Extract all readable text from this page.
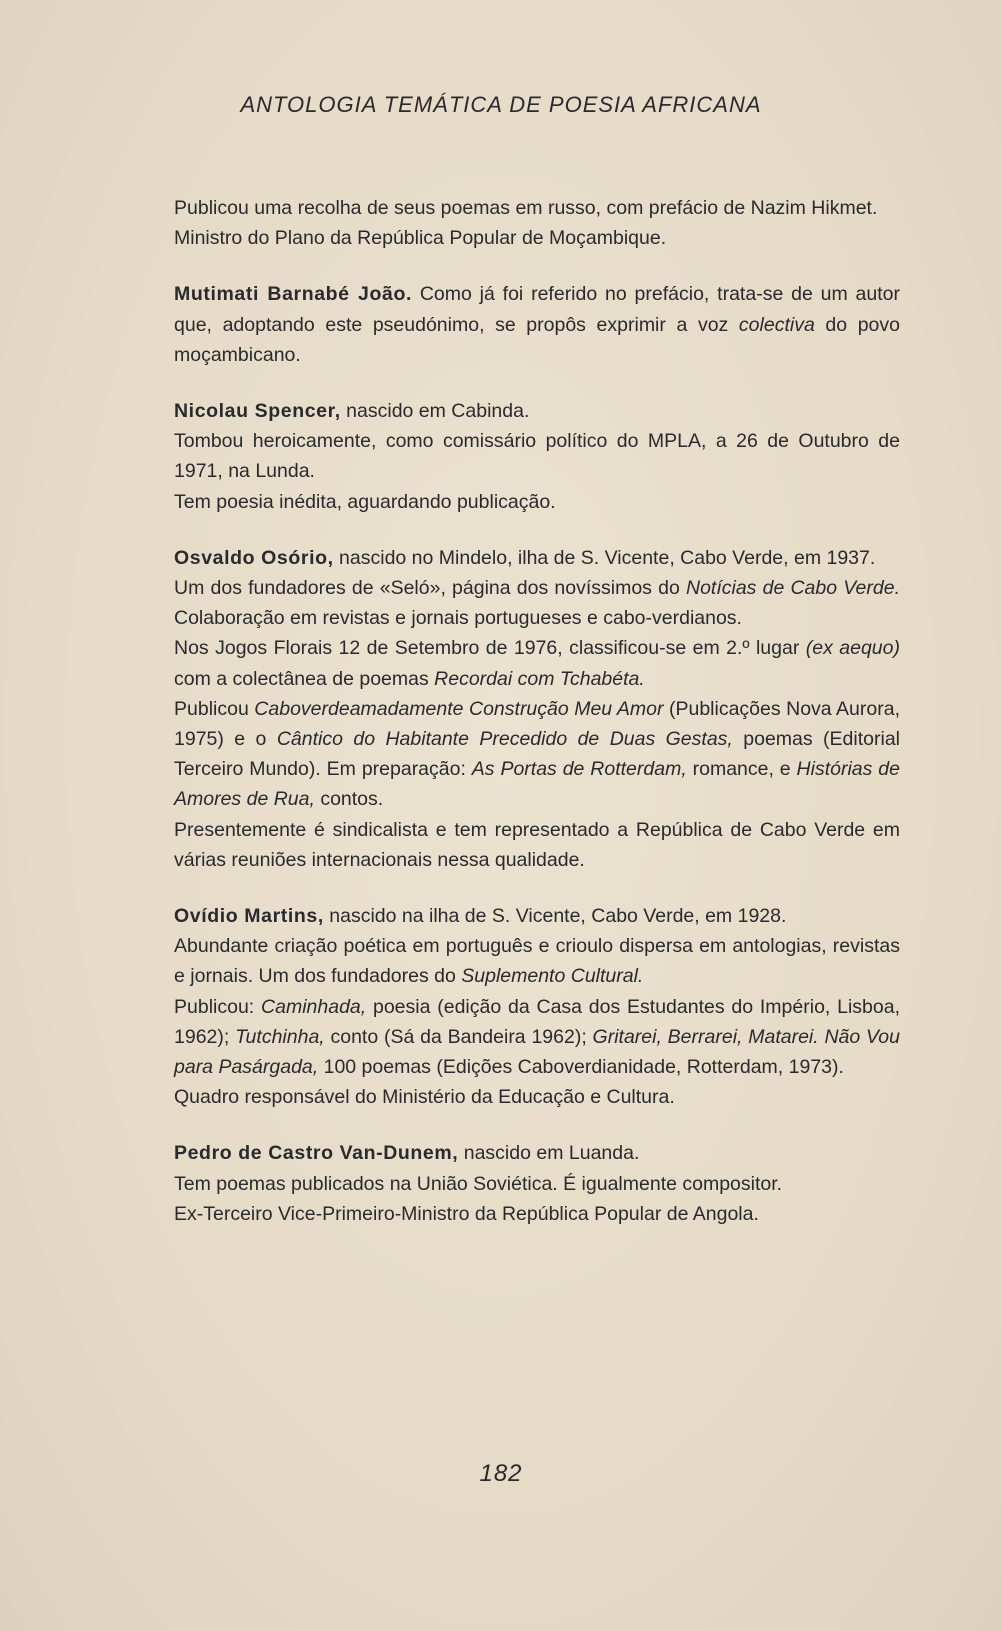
ANTOLOGIA TEMÁTICA DE POESIA AFRICANA
Publicou uma recolha de seus poemas em russo, com prefácio de Nazim Hikmet.
Ministro do Plano da República Popular de Moçambique.
Mutimati Barnabé João. Como já foi referido no prefácio, trata-se de um autor que, adoptando este pseudónimo, se propôs exprimir a voz colectiva do povo moçambicano.
Nicolau Spencer, nascido em Cabinda.
Tombou heroicamente, como comissário político do MPLA, a 26 de Outubro de 1971, na Lunda.
Tem poesia inédita, aguardando publicação.
Osvaldo Osório, nascido no Mindelo, ilha de S. Vicente, Cabo Verde, em 1937.
Um dos fundadores de «Seló», página dos novíssimos do Notícias de Cabo Verde. Colaboração em revistas e jornais portugueses e cabo-verdianos.
Nos Jogos Florais 12 de Setembro de 1976, classificou-se em 2.º lugar (ex aequo) com a colectânea de poemas Recordai com Tchabéta.
Publicou Caboverdeamadamente Construção Meu Amor (Publicações Nova Aurora, 1975) e o Cântico do Habitante Precedido de Duas Gestas, poemas (Editorial Terceiro Mundo). Em preparação: As Portas de Rotterdam, romance, e Histórias de Amores de Rua, contos.
Presentemente é sindicalista e tem representado a República de Cabo Verde em várias reuniões internacionais nessa qualidade.
Ovídio Martins, nascido na ilha de S. Vicente, Cabo Verde, em 1928.
Abundante criação poética em português e crioulo dispersa em antologias, revistas e jornais. Um dos fundadores do Suplemento Cultural.
Publicou: Caminhada, poesia (edição da Casa dos Estudantes do Império, Lisboa, 1962); Tutchinha, conto (Sá da Bandeira 1962); Gritarei, Berrarei, Matarei. Não Vou para Pasárgada, 100 poemas (Edições Caboverdianidade, Rotterdam, 1973).
Quadro responsável do Ministério da Educação e Cultura.
Pedro de Castro Van-Dunem, nascido em Luanda.
Tem poemas publicados na União Soviética. É igualmente compositor.
Ex-Terceiro Vice-Primeiro-Ministro da República Popular de Angola.
182
